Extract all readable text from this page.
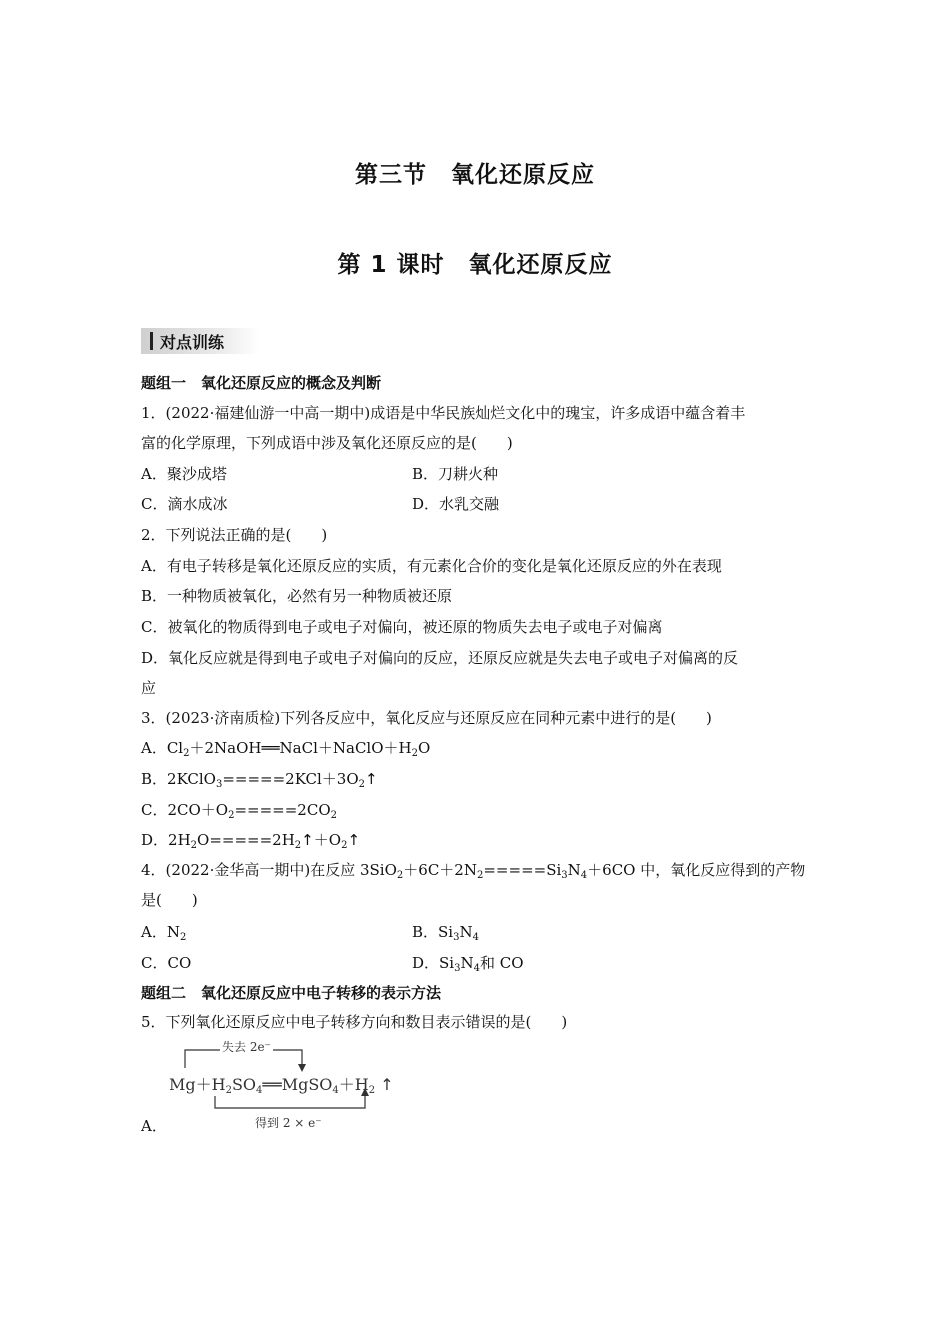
第三节　氧化还原反应
第 1 课时　氧化还原反应
对点训练
题组一　氧化还原反应的概念及判断
1．(2022·福建仙游一中高一期中)成语是中华民族灿烂文化中的瑰宝，许多成语中蕴含着丰
富的化学原理，下列成语中涉及氧化还原反应的是(　　)
A．聚沙成塔	B．刀耕火种
C．滴水成冰	D．水乳交融
2．下列说法正确的是(　　)
A．有电子转移是氧化还原反应的实质，有元素化合价的变化是氧化还原反应的外在表现
B．一种物质被氧化，必然有另一种物质被还原
C．被氧化的物质得到电子或电子对偏向，被还原的物质失去电子或电子对偏离
D．氧化反应就是得到电子或电子对偏向的反应，还原反应就是失去电子或电子对偏离的反
应
3．(2023·济南质检)下列各反应中，氧化反应与还原反应在同种元素中进行的是(　　)
A．$Cl_2+2NaOH══NaCl+NaClO+H_2O$
B．$2KClO_3=====2KCl+3O_2↑$
C．$2CO+O_2=====2CO_2$
D．$2H_2O=====2H_2↑+O_2↑$
4．(2022·金华高一期中)在反应 $3SiO_2+6C+2N_2=====Si_3N_4+6CO$ 中，氧化反应得到的产物
是(　　)
A．$N_2$	B．$Si_3N_4$
C．CO	D．$Si_3N_4$和 CO
题组二　氧化还原反应中电子转移的表示方法
5．下列氧化还原反应中电子转移方向和数目表示错误的是(　　)
失去 2e⁻
$Mg+H_2SO_4══MgSO_4+H_2$ ↑
得到 2 × e⁻
A．
